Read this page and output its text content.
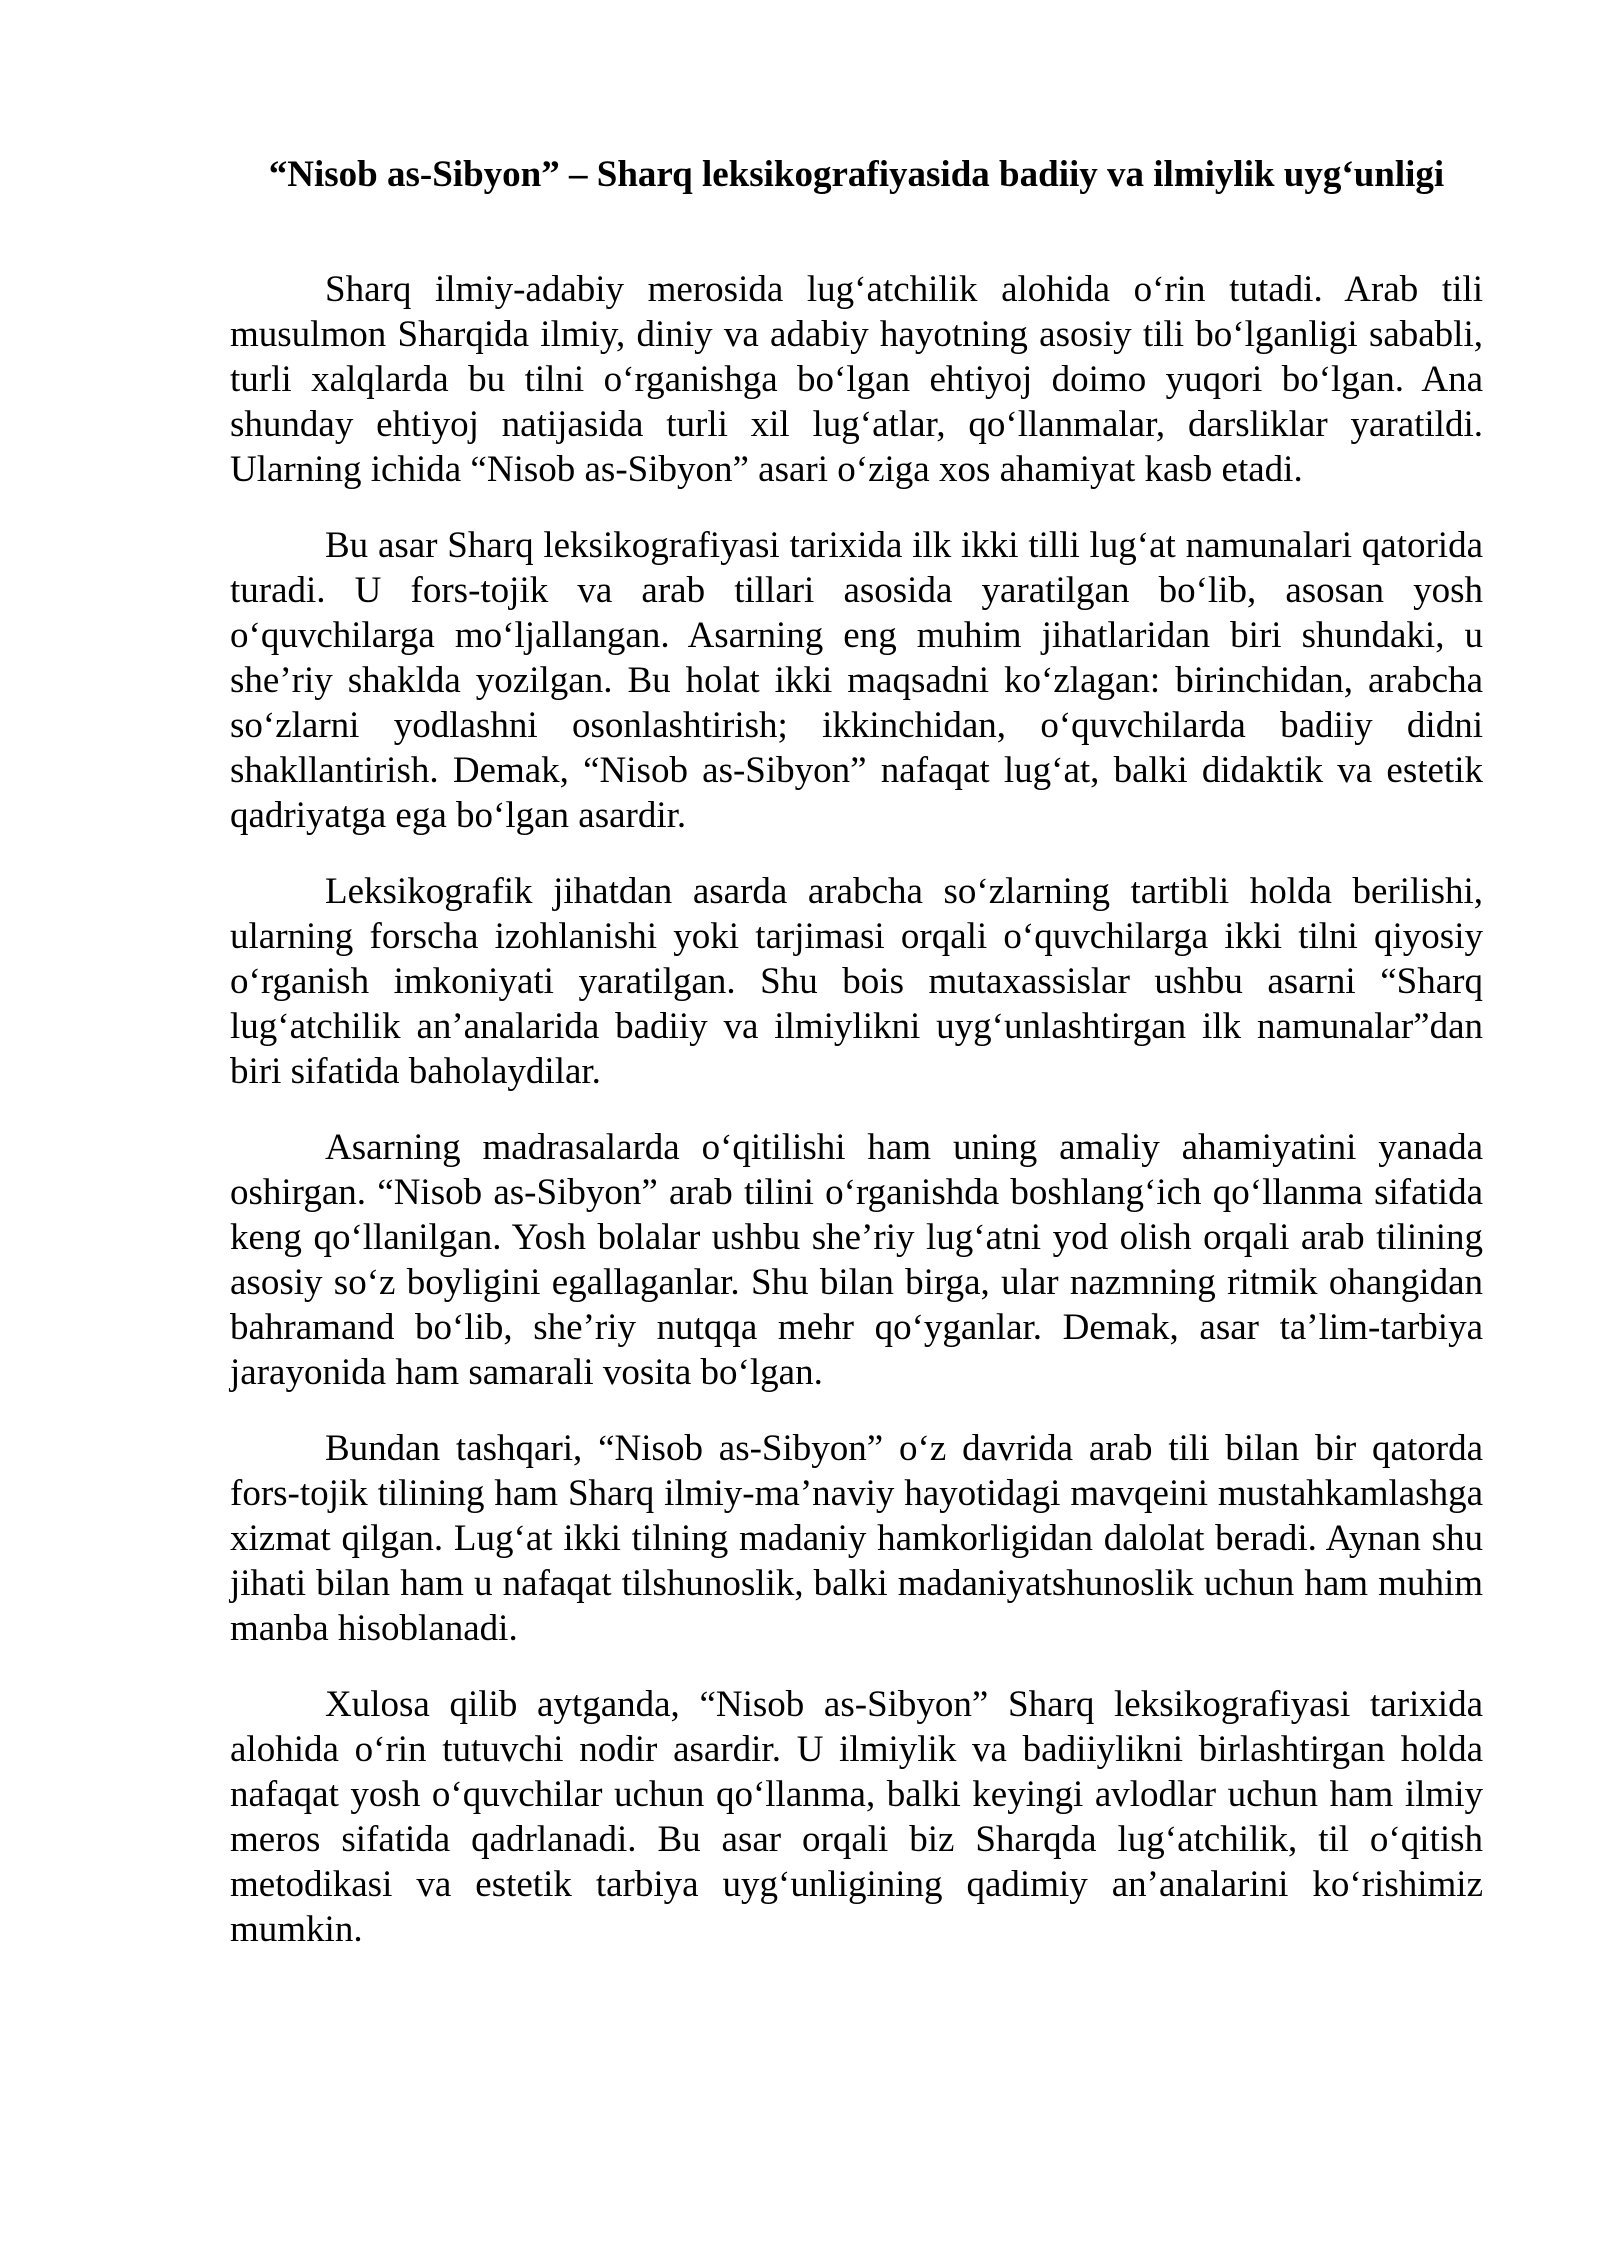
“Nisob as-Sibyon” – Sharq leksikografiyasida badiiy va ilmiylik uyg‘unligi

Sharq ilmiy-adabiy merosida lug‘atchilik alohida o‘rin tutadi. Arab tili
musulmon Sharqida ilmiy, diniy va adabiy hayotning asosiy tili bo‘lganligi sababli,
turli xalqlarda bu tilni o‘rganishga bo‘lgan ehtiyoj doimo yuqori bo‘lgan. Ana
shunday ehtiyoj natijasida turli xil lug‘atlar, qo‘llanmalar, darsliklar yaratildi.
Ularning ichida “Nisob as-Sibyon” asari o‘ziga xos ahamiyat kasb etadi.

Bu asar Sharq leksikografiyasi tarixida ilk ikki tilli lug‘at namunalari qatorida
turadi. U fors-tojik va arab tillari asosida yaratilgan bo‘lib, asosan yosh
o‘quvchilarga mo‘ljallangan. Asarning eng muhim jihatlaridan biri shundaki, u
she’riy shaklda yozilgan. Bu holat ikki maqsadni ko‘zlagan: birinchidan, arabcha
so‘zlarni yodlashni osonlashtirish; ikkinchidan, o‘quvchilarda badiiy didni
shakllantirish. Demak, “Nisob as-Sibyon” nafaqat lug‘at, balki didaktik va estetik
qadriyatga ega bo‘lgan asardir.

Leksikografik jihatdan asarda arabcha so‘zlarning tartibli holda berilishi,
ularning forscha izohlanishi yoki tarjimasi orqali o‘quvchilarga ikki tilni qiyosiy
o‘rganish imkoniyati yaratilgan. Shu bois mutaxassislar ushbu asarni “Sharq
lug‘atchilik an’analarida badiiy va ilmiylikni uyg‘unlashtirgan ilk namunalar”dan
biri sifatida baholaydilar.

Asarning madrasalarda o‘qitilishi ham uning amaliy ahamiyatini yanada
oshirgan. “Nisob as-Sibyon” arab tilini o‘rganishda boshlang‘ich qo‘llanma sifatida
keng qo‘llanilgan. Yosh bolalar ushbu she’riy lug‘atni yod olish orqali arab tilining
asosiy so‘z boyligini egallaganlar. Shu bilan birga, ular nazmning ritmik ohangidan
bahramand bo‘lib, she’riy nutqqa mehr qo‘yganlar. Demak, asar ta’lim-tarbiya
jarayonida ham samarali vosita bo‘lgan.

Bundan tashqari, “Nisob as-Sibyon” o‘z davrida arab tili bilan bir qatorda
fors-tojik tilining ham Sharq ilmiy-ma’naviy hayotidagi mavqeini mustahkamlashga
xizmat qilgan. Lug‘at ikki tilning madaniy hamkorligidan dalolat beradi. Aynan shu
jihati bilan ham u nafaqat tilshunoslik, balki madaniyatshunoslik uchun ham muhim
manba hisoblanadi.

Xulosa qilib aytganda, “Nisob as-Sibyon” Sharq leksikografiyasi tarixida
alohida o‘rin tutuvchi nodir asardir. U ilmiylik va badiiylikni birlashtirgan holda
nafaqat yosh o‘quvchilar uchun qo‘llanma, balki keyingi avlodlar uchun ham ilmiy
meros sifatida qadrlanadi. Bu asar orqali biz Sharqda lug‘atchilik, til o‘qitish
metodikasi va estetik tarbiya uyg‘unligining qadimiy an’analarini ko‘rishimiz
mumkin.
